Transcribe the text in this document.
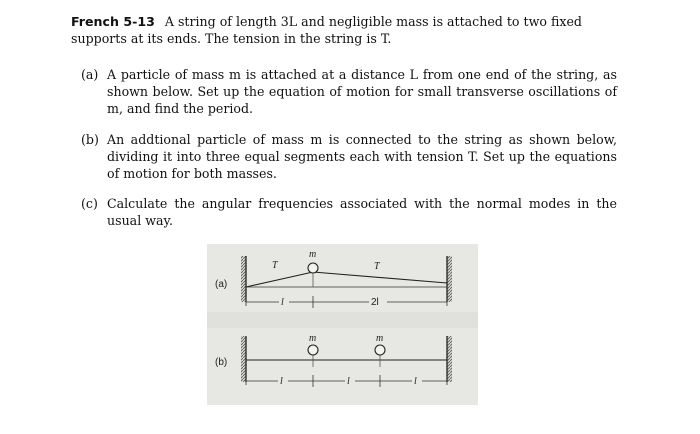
French 5-13 A string of length 3L and negligible mass is attached to two fixed supports at its ends. The tension in the string is T.
(a) A particle of mass m is attached at a distance L from one end of the string, as shown below. Set up the equation of motion for small transverse oscillations of m, and find the period.
(b) An addtional particle of mass m is connected to the string as shown below, dividing it into three equal segments each with tension T. Set up the equations of motion for both masses.
(c) Calculate the angular frequencies associated with the normal modes in the usual way.
(a)
m
T	T
l	2l
(b)
m	m
l	l	l
